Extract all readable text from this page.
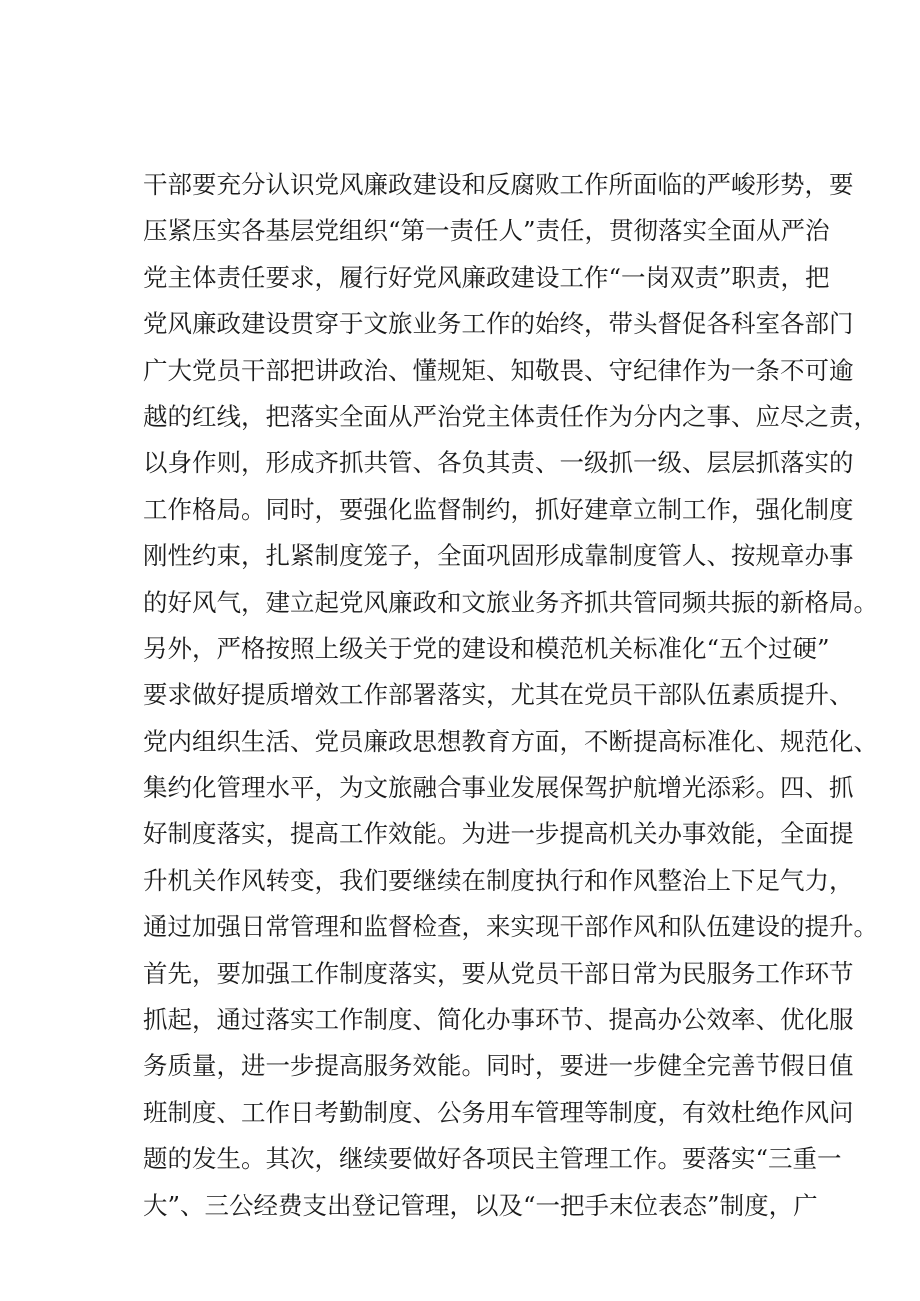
干部要充分认识党风廉政建设和反腐败工作所面临的严峻形势，要
压紧压实各基层党组织“第一责任人”责任，贯彻落实全面从严治
党主体责任要求，履行好党风廉政建设工作“一岗双责”职责，把
党风廉政建设贯穿于文旅业务工作的始终，带头督促各科室各部门
广大党员干部把讲政治、懂规矩、知敬畏、守纪律作为一条不可逾
越的红线，把落实全面从严治党主体责任作为分内之事、应尽之责，
以身作则，形成齐抓共管、各负其责、一级抓一级、层层抓落实的
工作格局。同时，要强化监督制约，抓好建章立制工作，强化制度
刚性约束，扎紧制度笼子，全面巩固形成靠制度管人、按规章办事
的好风气，建立起党风廉政和文旅业务齐抓共管同频共振的新格局。
另外，严格按照上级关于党的建设和模范机关标准化“五个过硬”
要求做好提质增效工作部署落实，尤其在党员干部队伍素质提升、
党内组织生活、党员廉政思想教育方面，不断提高标准化、规范化、
集约化管理水平，为文旅融合事业发展保驾护航增光添彩。四、抓
好制度落实，提高工作效能。为进一步提高机关办事效能，全面提
升机关作风转变，我们要继续在制度执行和作风整治上下足气力，
通过加强日常管理和监督检查，来实现干部作风和队伍建设的提升。
首先，要加强工作制度落实，要从党员干部日常为民服务工作环节
抓起，通过落实工作制度、简化办事环节、提高办公效率、优化服
务质量，进一步提高服务效能。同时，要进一步健全完善节假日值
班制度、工作日考勤制度、公务用车管理等制度，有效杜绝作风问
题的发生。其次，继续要做好各项民主管理工作。要落实“三重一
大”、三公经费支出登记管理，以及“一把手末位表态”制度，广
